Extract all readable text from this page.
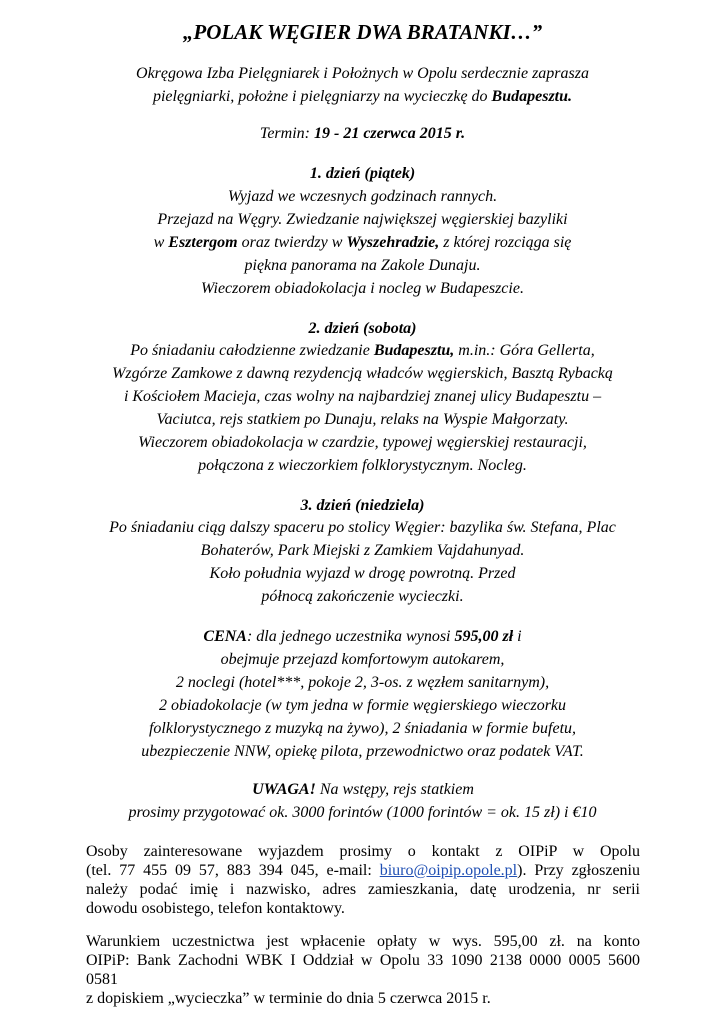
„POLAK WĘGIER DWA BRATANKI…”
Okręgowa Izba Pielęgniarek i Położnych w Opolu serdecznie zaprasza
pielęgniarki, położne i pielęgniarzy na wycieczkę do Budapesztu.
Termin: 19 - 21 czerwca 2015 r.
1. dzień (piątek)
Wyjazd we wczesnych godzinach rannych.
Przejazd na Węgry. Zwiedzanie największej węgierskiej bazyliki
w Esztergom oraz twierdzy w Wyszehradzie, z której rozciąga się
piękna panorama na Zakole Dunaju.
Wieczorem obiadokolacja i nocleg w Budapeszcie.
2. dzień (sobota)
Po śniadaniu całodzienne zwiedzanie Budapesztu, m.in.: Góra Gellerta,
Wzgórze Zamkowe z dawną rezydencją władców węgierskich, Basztą Rybacką
i Kościołem Macieja, czas wolny na najbardziej znanej ulicy Budapesztu –
Vaciutca, rejs statkiem po Dunaju, relaks na Wyspie Małgorzaty.
Wieczorem obiadokolacja w czardzie, typowej węgierskiej restauracji,
połączona z wieczorkiem folklorystycznym. Nocleg.
3. dzień (niedziela)
Po śniadaniu ciąg dalszy spaceru po stolicy Węgier: bazylika św. Stefana, Plac
Bohaterów, Park Miejski z Zamkiem Vajdahunyad.
Koło południa wyjazd w drogę powrotną. Przed
północą zakończenie wycieczki.
CENA: dla jednego uczestnika wynosi 595,00 zł i
obejmuje przejazd komfortowym autokarem,
2 noclegi (hotel***, pokoje 2, 3-os. z węzłem sanitarnym),
2 obiadokolacje (w tym jedna w formie węgierskiego wieczorku
folklorystycznego z muzyką na żywo), 2 śniadania w formie bufetu,
ubezpieczenie NNW, opiekę pilota, przewodnictwo oraz podatek VAT.
UWAGA! Na wstępy, rejs statkiem
prosimy przygotować ok. 3000 forintów (1000 forintów = ok. 15 zł) i €10
Osoby zainteresowane wyjazdem prosimy o kontakt z OIPiP w Opolu
(tel. 77 455 09 57, 883 394 045, e-mail: biuro@oipip.opole.pl). Przy zgłoszeniu
należy podać imię i nazwisko, adres zamieszkania, datę urodzenia, nr serii
dowodu osobistego, telefon kontaktowy.
Warunkiem uczestnictwa jest wpłacenie opłaty w wys. 595,00 zł. na konto
OIPiP: Bank Zachodni WBK I Oddział w Opolu 33 1090 2138 0000 0005 5600
0581
z dopiskiem „wycieczka” w terminie do dnia 5 czerwca 2015 r.
